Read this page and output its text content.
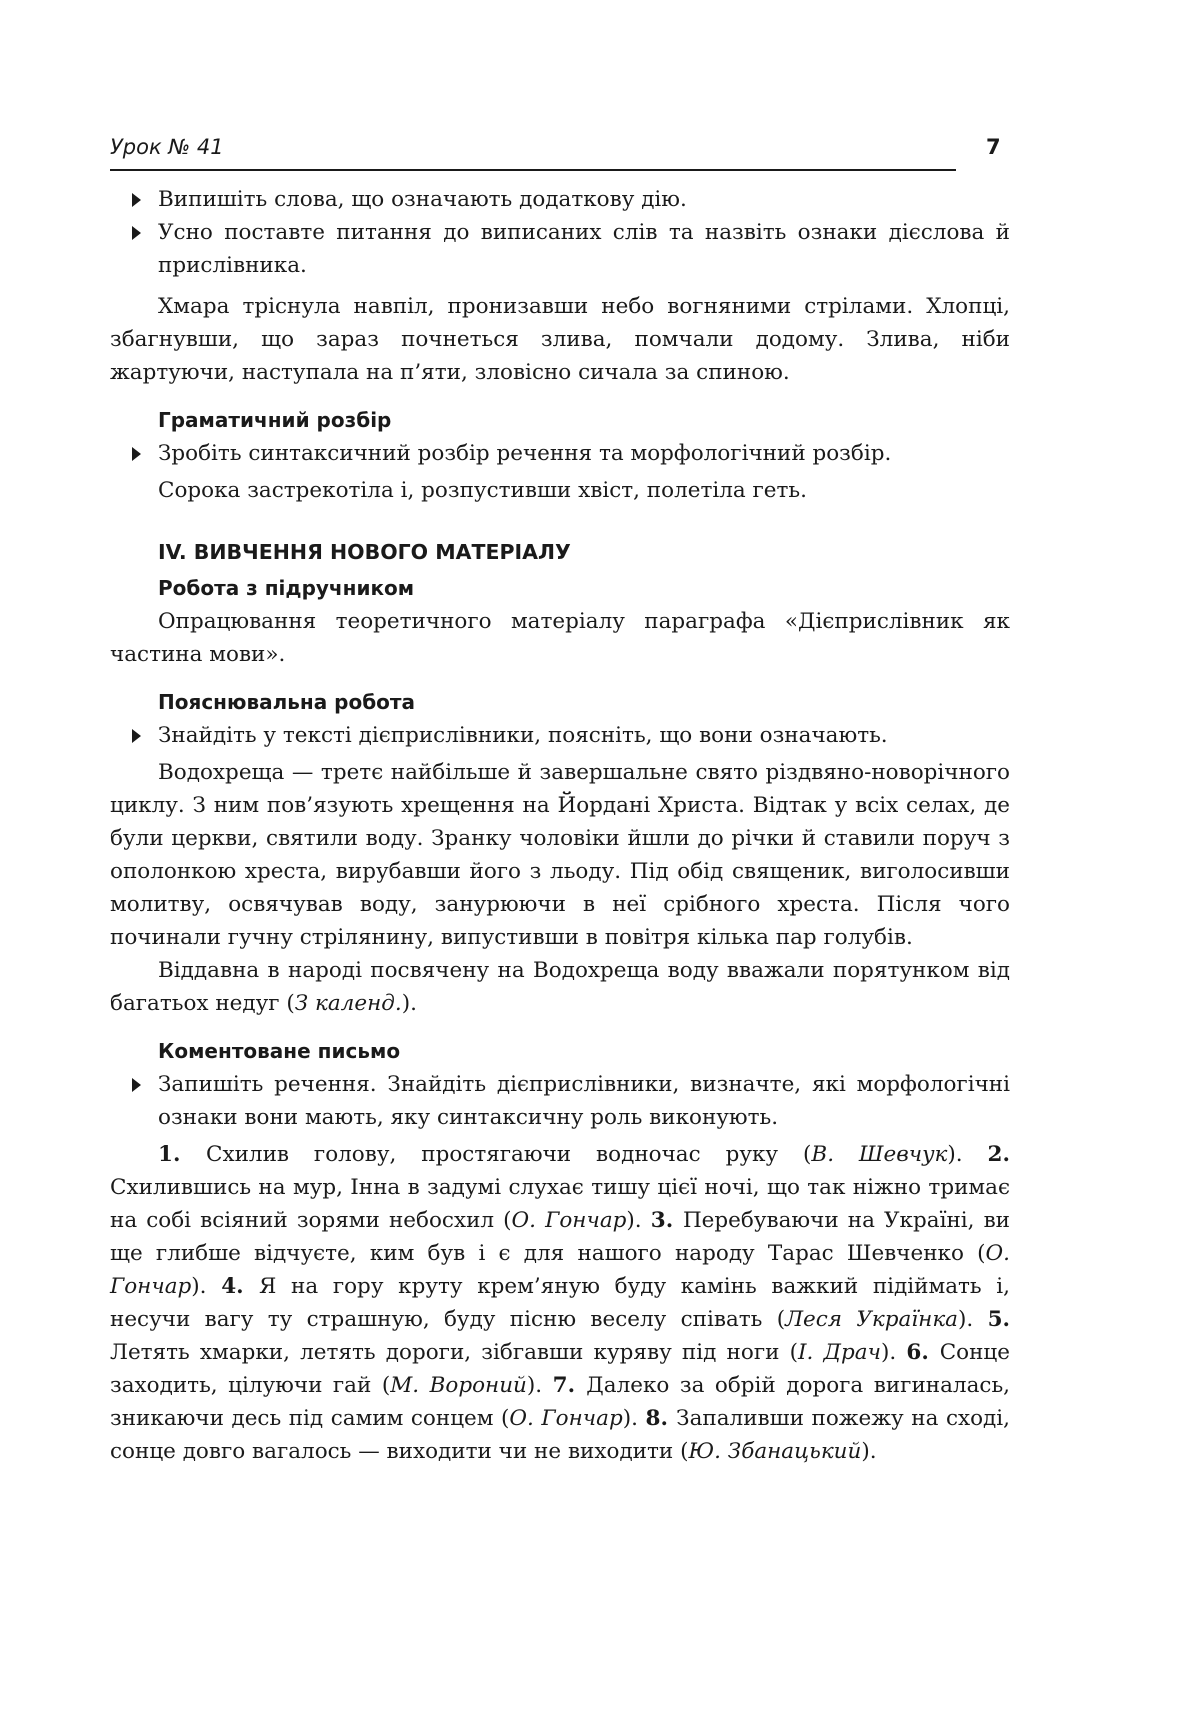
Урок № 41	7
Випишіть слова, що означають додаткову дію.
Усно поставте питання до виписаних слів та назвіть ознаки дієслова й прислівника.

Хмара тріснула навпіл, пронизавши небо вогняними стрілами. Хлопці, збагнувши, що зараз почнеться злива, помчали додому. Злива, ніби жартуючи, наступала на п’яти, зловісно сичала за спиною.

Граматичний розбір
Зробіть синтаксичний розбір речення та морфологічний розбір.
Сорока застрекотіла і, розпустивши хвіст, полетіла геть.
IV. ВИВЧЕННЯ НОВОГО МАТЕРІАЛУ
Робота з підручником

Опрацювання теоретичного матеріалу параграфа «Дієприслівник як частина мови».

Пояснювальна робота
Знайдіть у тексті дієприслівники, поясніть, що вони означають.

Водохреща — третє найбільше й завершальне свято різдвяно-новорічного циклу. З ним пов’язують хрещення на Йордані Христа. Відтак у всіх селах, де були церкви, святили воду. Зранку чоловіки йшли до річки й ставили поруч з ополонкою хреста, вирубавши його з льоду. Під обід священик, виголосивши молитву, освячував воду, занурюючи в неї срібного хреста. Після чого починали гучну стрілянину, випустивши в повітря кілька пар голубів.

Віддавна в народі посвячену на Водохреща воду вважали порятунком від багатьох недуг (З календ.).

Коментоване письмо
Запишіть речення. Знайдіть дієприслівники, визначте, які морфологічні ознаки вони мають, яку синтаксичну роль виконують.

1. Схилив голову, простягаючи водночас руку (В. Шевчук). 2. Схилившись на мур, Інна в задумі слухає тишу цієї ночі, що так ніжно тримає на собі всіяний зорями небосхил (О. Гончар). 3. Перебуваючи на Україні, ви ще глибше відчуєте, ким був і є для нашого народу Тарас Шевченко (О. Гончар). 4. Я на гору круту крем’яную буду камінь важкий підіймать і, несучи вагу ту страшную, буду пісню веселу співать (Леся Українка). 5. Летять хмарки, летять дороги, зібгавши куряву під ноги (І. Драч). 6. Сонце заходить, цілуючи гай (М. Вороний). 7. Далеко за обрій дорога вигиналась, зникаючи десь під самим сонцем (О. Гончар). 8. Запаливши пожежу на сході, сонце довго вагалось — виходити чи не виходити (Ю. Збанацький).
